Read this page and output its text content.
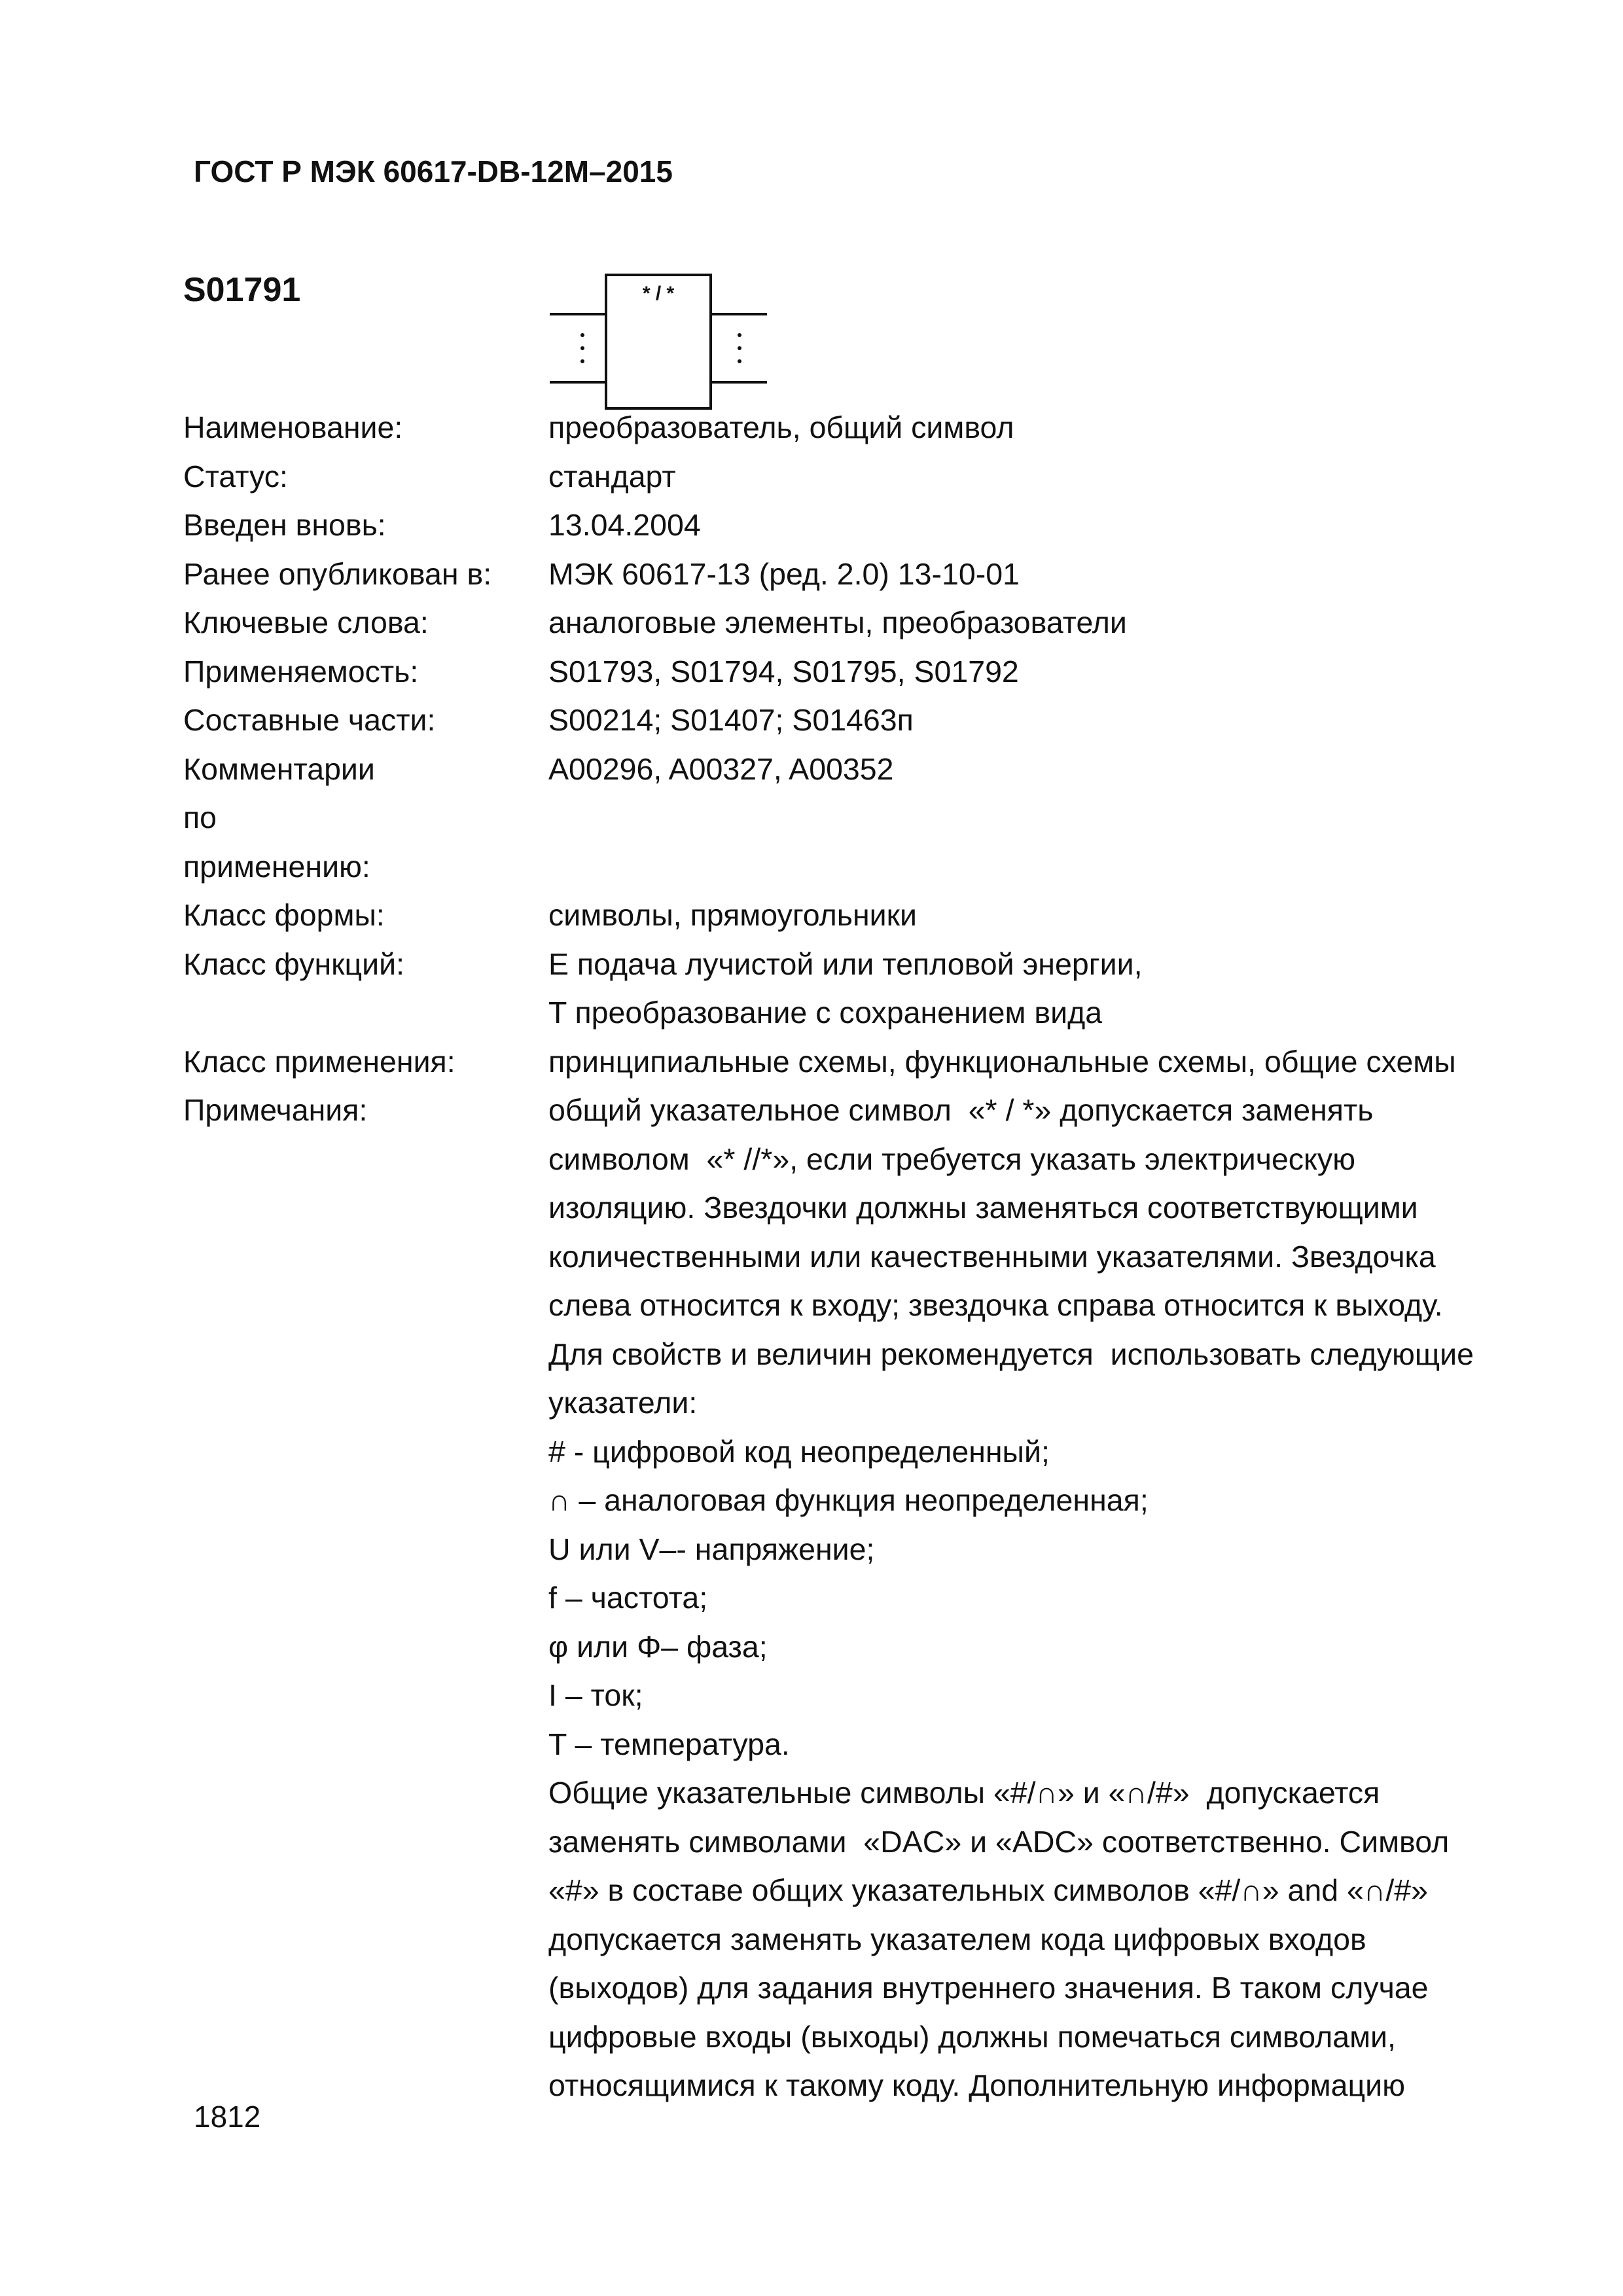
ГОСТ Р МЭК 60617-DB-12M–2015
S01791	* / *
Наименование:	преобразователь, общий символ
Статус:	стандарт
Введен вновь:	13.04.2004
Ранее опубликован в:	МЭК 60617-13 (ред. 2.0) 13-10-01
Ключевые слова:	аналоговые элементы, преобразователи
Применяемость:	S01793, S01794, S01795, S01792
Составные части:	S00214; S01407; S01463п
Комментарии по применению:
A00296, A00327, A00352
Класс формы:	символы, прямоугольники
Класс функций:	E подача лучистой или тепловой энергии,
T преобразование с сохранением вида
Класс применения:	принципиальные схемы, функциональные схемы, общие схемы
Примечания:	общий указательное символ  «* / *» допускается заменять
символом  «* //*», если требуется указать электрическую
изоляцию. Звездочки должны заменяться соответствующими
количественными или качественными указателями. Звездочка
слева относится к входу; звездочка справа относится к выходу.
Для свойств и величин рекомендуется  использовать следующие
указатели:
# - цифровой код неопределенный;
∩ – аналоговая функция неопределенная;
U или V–- напряжение;
f – частота;
φ или Φ– фаза;
I – ток;
T – температура.
Общие указательные символы «#/∩» и «∩/#»  допускается
заменять символами  «DAC» и «ADC» соответственно. Символ
«#» в составе общих указательных символов «#/∩» and «∩/#»
допускается заменять указателем кода цифровых входов
(выходов) для задания внутреннего значения. В таком случае
цифровые входы (выходы) должны помечаться символами,
относящимися к такому коду. Дополнительную информацию
1812
